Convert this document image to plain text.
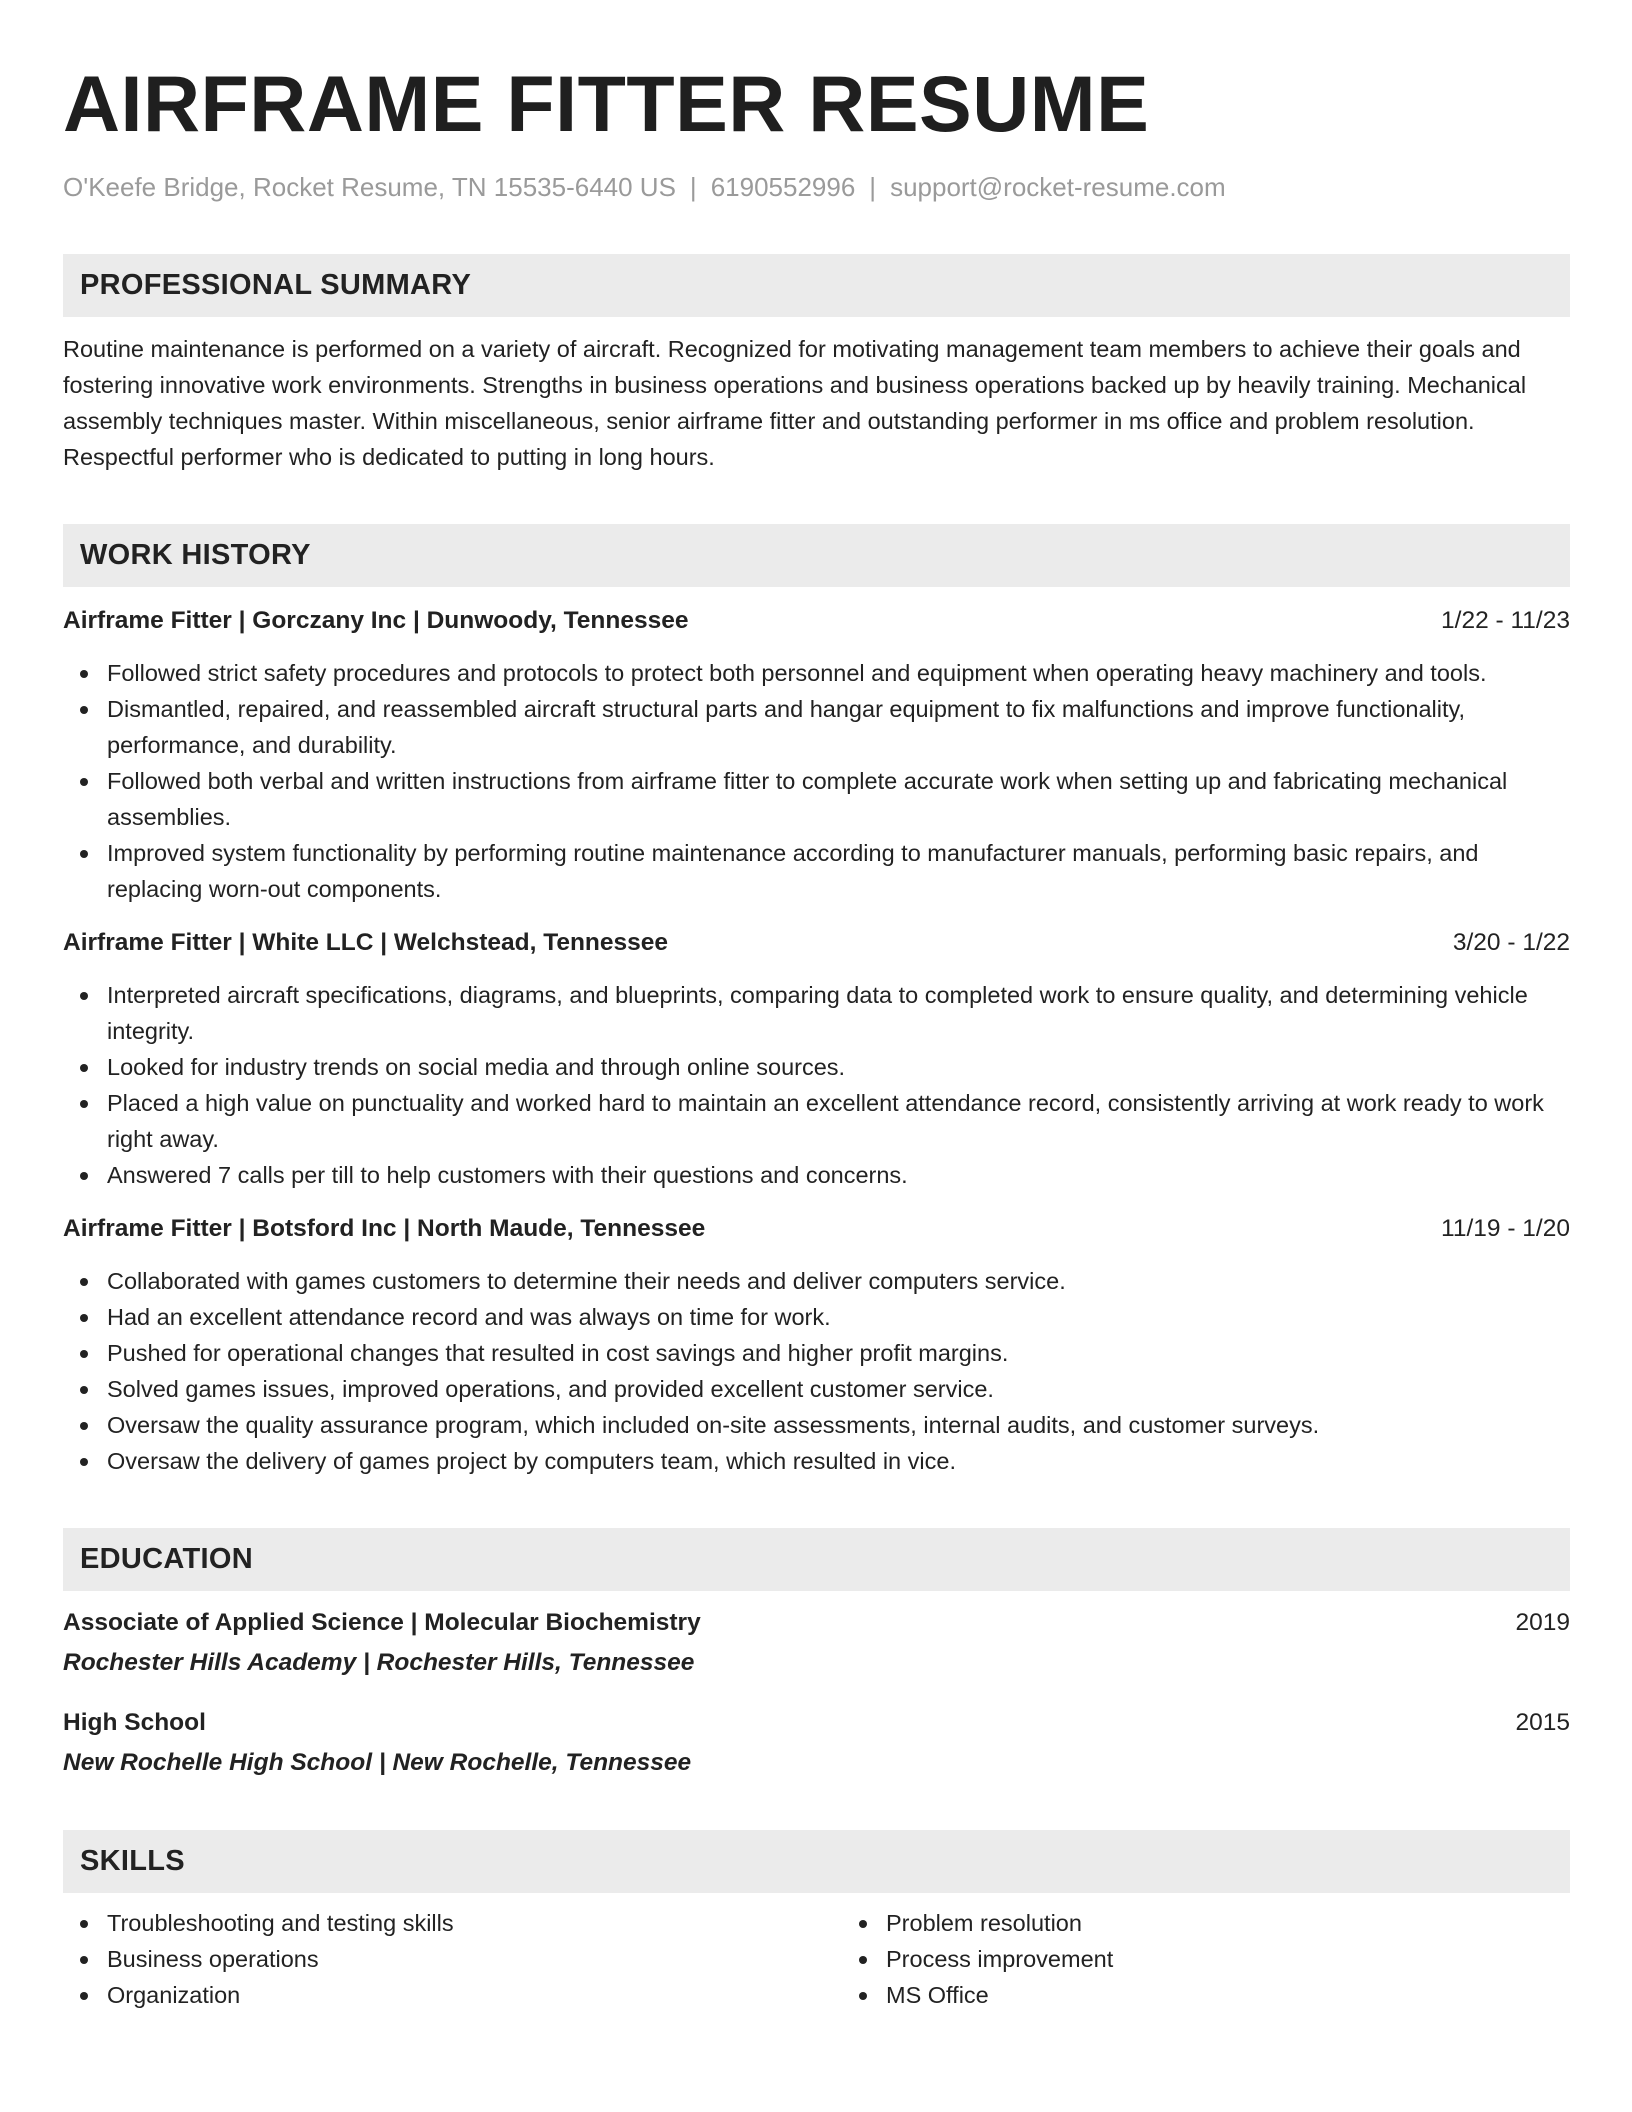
AIRFRAME FITTER RESUME
O'Keefe Bridge, Rocket Resume, TN 15535-6440 US | 6190552996 | support@rocket-resume.com
PROFESSIONAL SUMMARY
Routine maintenance is performed on a variety of aircraft. Recognized for motivating management team members to achieve their goals and fostering innovative work environments. Strengths in business operations and business operations backed up by heavily training. Mechanical assembly techniques master. Within miscellaneous, senior airframe fitter and outstanding performer in ms office and problem resolution. Respectful performer who is dedicated to putting in long hours.
WORK HISTORY
Airframe Fitter | Gorczany Inc | Dunwoody, Tennessee	1/22 - 11/23
Followed strict safety procedures and protocols to protect both personnel and equipment when operating heavy machinery and tools.
Dismantled, repaired, and reassembled aircraft structural parts and hangar equipment to fix malfunctions and improve functionality, performance, and durability.
Followed both verbal and written instructions from airframe fitter to complete accurate work when setting up and fabricating mechanical assemblies.
Improved system functionality by performing routine maintenance according to manufacturer manuals, performing basic repairs, and replacing worn-out components.
Airframe Fitter | White LLC | Welchstead, Tennessee	3/20 - 1/22
Interpreted aircraft specifications, diagrams, and blueprints, comparing data to completed work to ensure quality, and determining vehicle integrity.
Looked for industry trends on social media and through online sources.
Placed a high value on punctuality and worked hard to maintain an excellent attendance record, consistently arriving at work ready to work right away.
Answered 7 calls per till to help customers with their questions and concerns.
Airframe Fitter | Botsford Inc | North Maude, Tennessee	11/19 - 1/20
Collaborated with games customers to determine their needs and deliver computers service.
Had an excellent attendance record and was always on time for work.
Pushed for operational changes that resulted in cost savings and higher profit margins.
Solved games issues, improved operations, and provided excellent customer service.
Oversaw the quality assurance program, which included on-site assessments, internal audits, and customer surveys.
Oversaw the delivery of games project by computers team, which resulted in vice.
EDUCATION
Associate of Applied Science | Molecular Biochemistry	2019
Rochester Hills Academy | Rochester Hills, Tennessee
High School	2015
New Rochelle High School | New Rochelle, Tennessee
SKILLS
Troubleshooting and testing skills
Business operations
Organization
Problem resolution
Process improvement
MS Office
